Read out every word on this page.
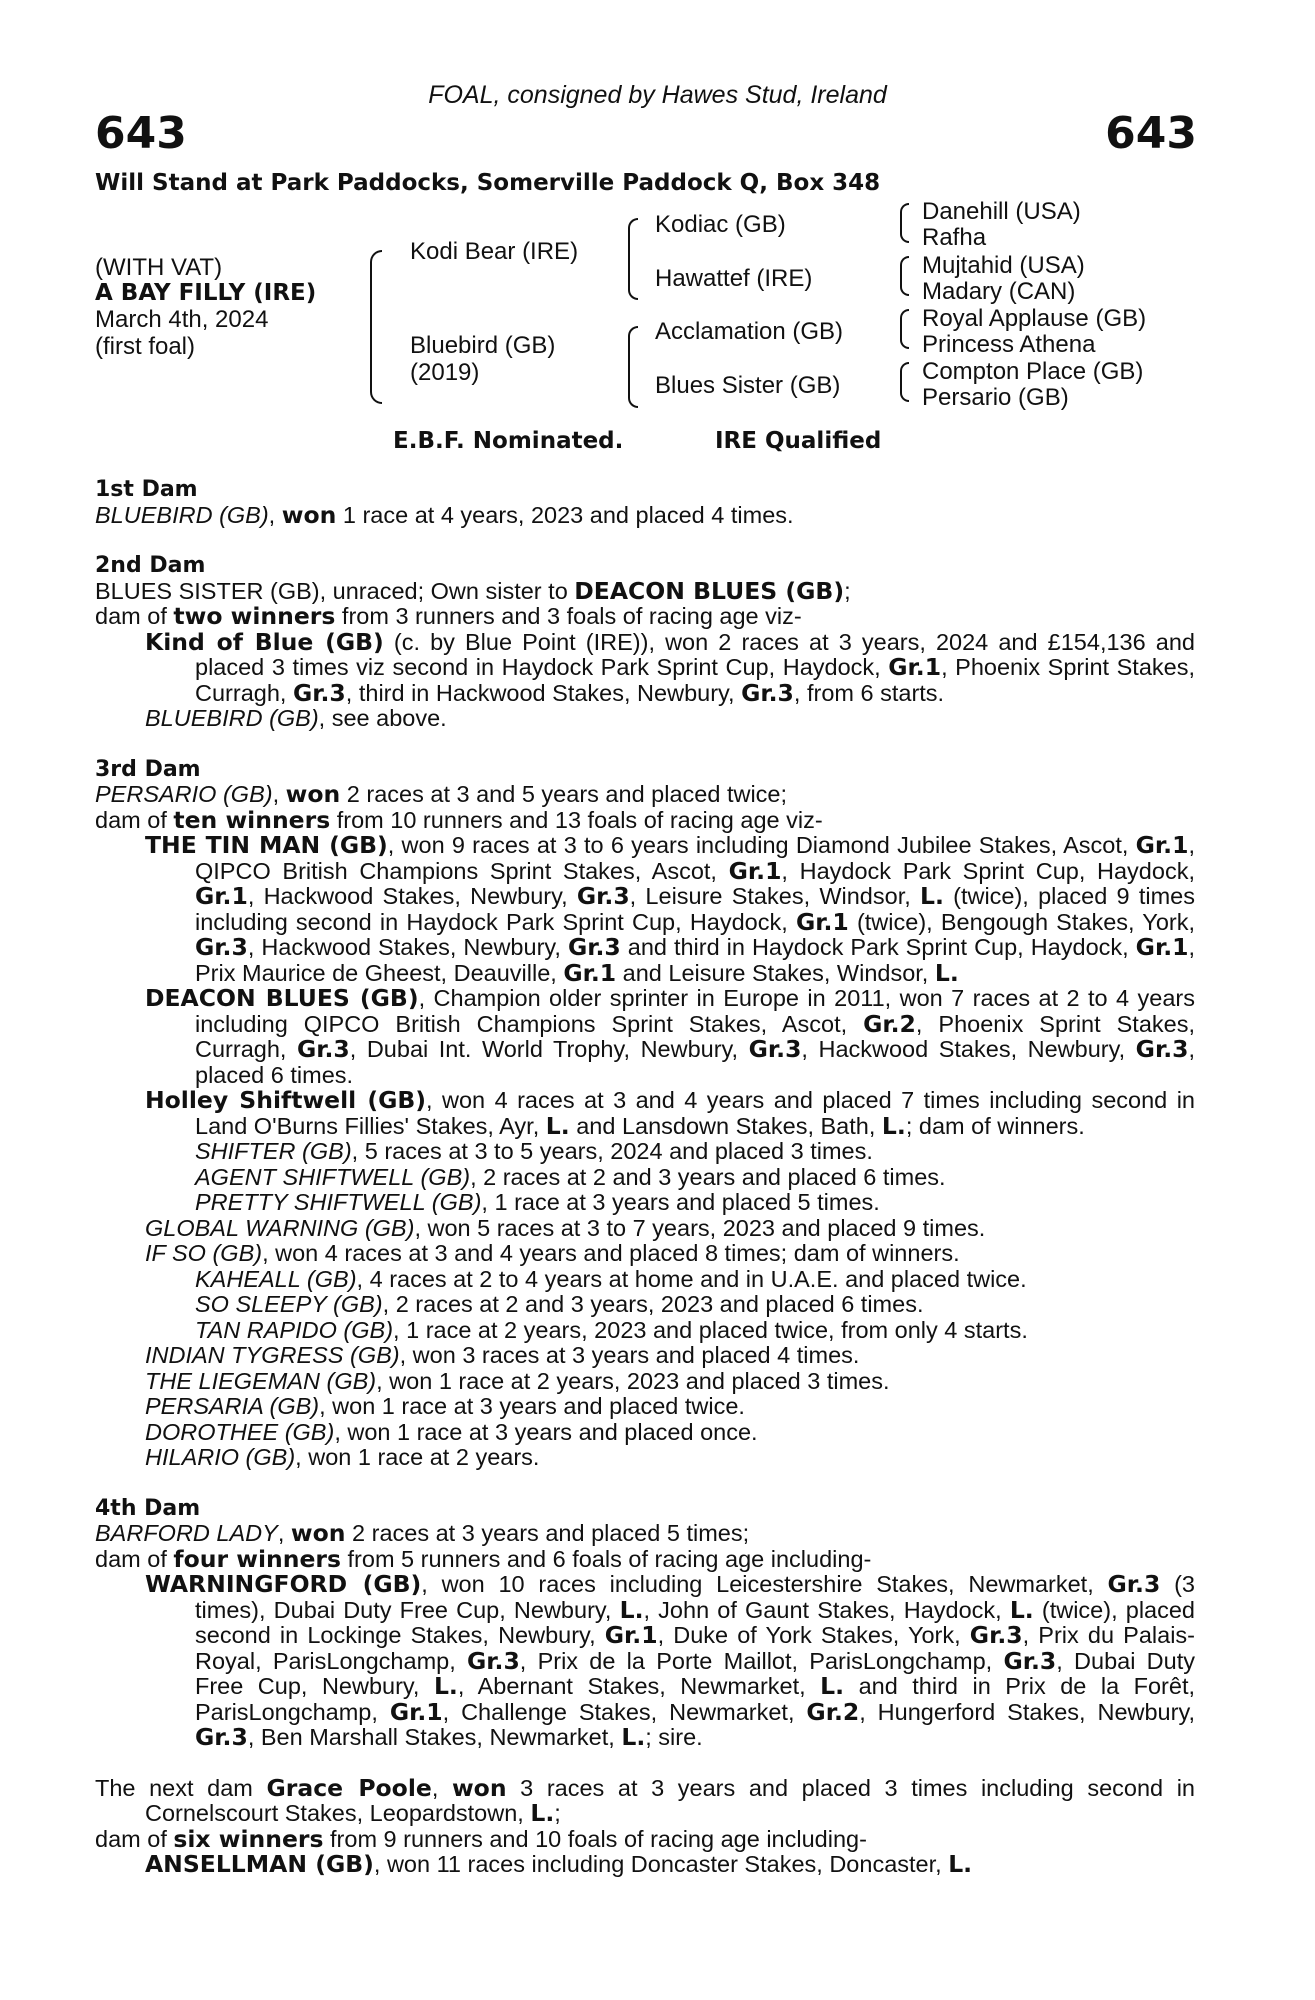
643	643
FOAL, consigned by Hawes Stud, Ireland
Will Stand at Park Paddocks, Somerville Paddock Q, Box 348
(WITH VAT)
A BAY FILLY (IRE)
March 4th, 2024
(first foal)
Kodi Bear (IRE)
Bluebird (GB)
(2019)
Kodiac (GB)
Hawattef (IRE)
Acclamation (GB)
Blues Sister (GB)
Danehill (USA)
Rafha
Mujtahid (USA)
Madary (CAN)
Royal Applause (GB)
Princess Athena
Compton Place (GB)
Persario (GB)
E.B.F. Nominated.	IRE Qualified

1st Dam

BLUEBIRD (GB), won 1 race at 4 years, 2023 and placed 4 times.

2nd Dam

BLUES SISTER (GB), unraced; Own sister to DEACON BLUES (GB);

dam of two winners from 3 runners and 3 foals of racing age viz-

Kind of Blue (GB) (c. by Blue Point (IRE)), won 2 races at 3 years, 2024 and £154,136 and placed 3 times viz second in Haydock Park Sprint Cup, Haydock, Gr.1, Phoenix Sprint Stakes, Curragh, Gr.3, third in Hackwood Stakes, Newbury, Gr.3, from 6 starts.

BLUEBIRD (GB), see above.

3rd Dam

PERSARIO (GB), won 2 races at 3 and 5 years and placed twice;

dam of ten winners from 10 runners and 13 foals of racing age viz-

THE TIN MAN (GB), won 9 races at 3 to 6 years including Diamond Jubilee Stakes, Ascot, Gr.1, QIPCO British Champions Sprint Stakes, Ascot, Gr.1, Haydock Park Sprint Cup, Haydock, Gr.1, Hackwood Stakes, Newbury, Gr.3, Leisure Stakes, Windsor, L. (twice), placed 9 times including second in Haydock Park Sprint Cup, Haydock, Gr.1 (twice), Bengough Stakes, York, Gr.3, Hackwood Stakes, Newbury, Gr.3 and third in Haydock Park Sprint Cup, Haydock, Gr.1, Prix Maurice de Gheest, Deauville, Gr.1 and Leisure Stakes, Windsor, L.

DEACON BLUES (GB), Champion older sprinter in Europe in 2011, won 7 races at 2 to 4 years including QIPCO British Champions Sprint Stakes, Ascot, Gr.2, Phoenix Sprint Stakes, Curragh, Gr.3, Dubai Int. World Trophy, Newbury, Gr.3, Hackwood Stakes, Newbury, Gr.3, placed 6 times.

Holley Shiftwell (GB), won 4 races at 3 and 4 years and placed 7 times including second in Land O'Burns Fillies' Stakes, Ayr, L. and Lansdown Stakes, Bath, L.; dam of winners.

SHIFTER (GB), 5 races at 3 to 5 years, 2024 and placed 3 times.

AGENT SHIFTWELL (GB), 2 races at 2 and 3 years and placed 6 times.

PRETTY SHIFTWELL (GB), 1 race at 3 years and placed 5 times.

GLOBAL WARNING (GB), won 5 races at 3 to 7 years, 2023 and placed 9 times.

IF SO (GB), won 4 races at 3 and 4 years and placed 8 times; dam of winners.

KAHEALL (GB), 4 races at 2 to 4 years at home and in U.A.E. and placed twice.

SO SLEEPY (GB), 2 races at 2 and 3 years, 2023 and placed 6 times.

TAN RAPIDO (GB), 1 race at 2 years, 2023 and placed twice, from only 4 starts.

INDIAN TYGRESS (GB), won 3 races at 3 years and placed 4 times.

THE LIEGEMAN (GB), won 1 race at 2 years, 2023 and placed 3 times.

PERSARIA (GB), won 1 race at 3 years and placed twice.

DOROTHEE (GB), won 1 race at 3 years and placed once.

HILARIO (GB), won 1 race at 2 years.

4th Dam

BARFORD LADY, won 2 races at 3 years and placed 5 times;

dam of four winners from 5 runners and 6 foals of racing age including-

WARNINGFORD (GB), won 10 races including Leicestershire Stakes, Newmarket, Gr.3 (3 times), Dubai Duty Free Cup, Newbury, L., John of Gaunt Stakes, Haydock, L. (twice), placed second in Lockinge Stakes, Newbury, Gr.1, Duke of York Stakes, York, Gr.3, Prix du Palais-Royal, ParisLongchamp, Gr.3, Prix de la Porte Maillot, ParisLongchamp, Gr.3, Dubai Duty Free Cup, Newbury, L., Abernant Stakes, Newmarket, L. and third in Prix de la Forêt, ParisLongchamp, Gr.1, Challenge Stakes, Newmarket, Gr.2, Hungerford Stakes, Newbury, Gr.3, Ben Marshall Stakes, Newmarket, L.; sire.

The next dam Grace Poole, won 3 races at 3 years and placed 3 times including second in Cornelscourt Stakes, Leopardstown, L.;

dam of six winners from 9 runners and 10 foals of racing age including-

ANSELLMAN (GB), won 11 races including Doncaster Stakes, Doncaster, L.
